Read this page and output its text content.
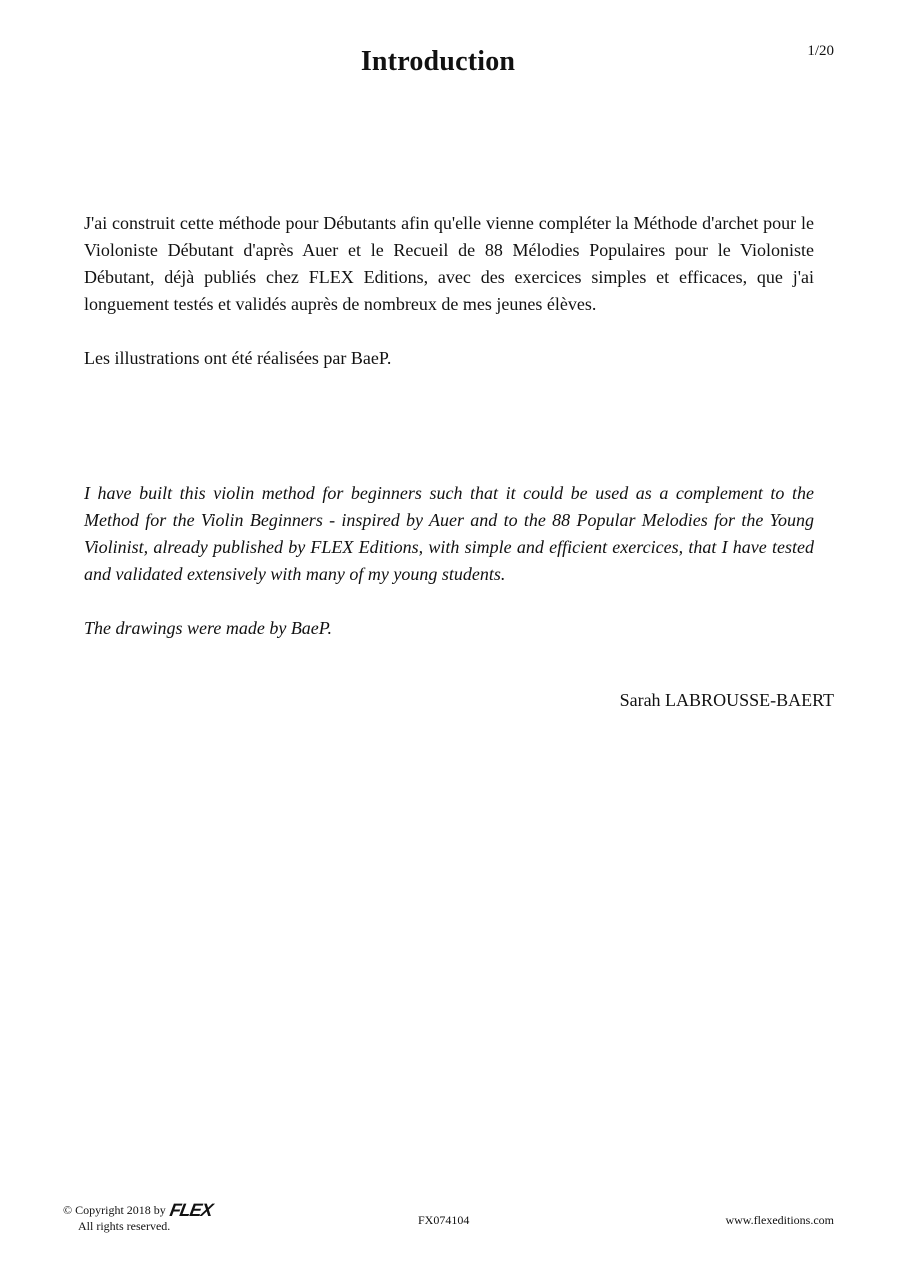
1/20
Introduction

J'ai construit cette méthode pour Débutants afin qu'elle vienne compléter la Méthode d'archet pour le Violoniste Débutant d'après Auer et le Recueil de 88 Mélodies Populaires pour le Violoniste Débutant, déjà publiés chez FLEX Editions, avec des exercices simples et efficaces, que j'ai longuement testés et validés auprès de nombreux de mes jeunes élèves.

Les illustrations ont été réalisées par BaeP.

I have built this violin method for beginners such that it could be used as a complement to the Method for the Violin Beginners - inspired by Auer and to the 88 Popular Melodies for the Young Violinist, already published by FLEX Editions, with simple and efficient exercices, that I have tested and validated extensively with many of my young students.

The drawings were made by BaeP.

Sarah LABROUSSE-BAERT

© Copyright 2018 by FLEX
All rights reserved.	FX074104	www.flexeditions.com
